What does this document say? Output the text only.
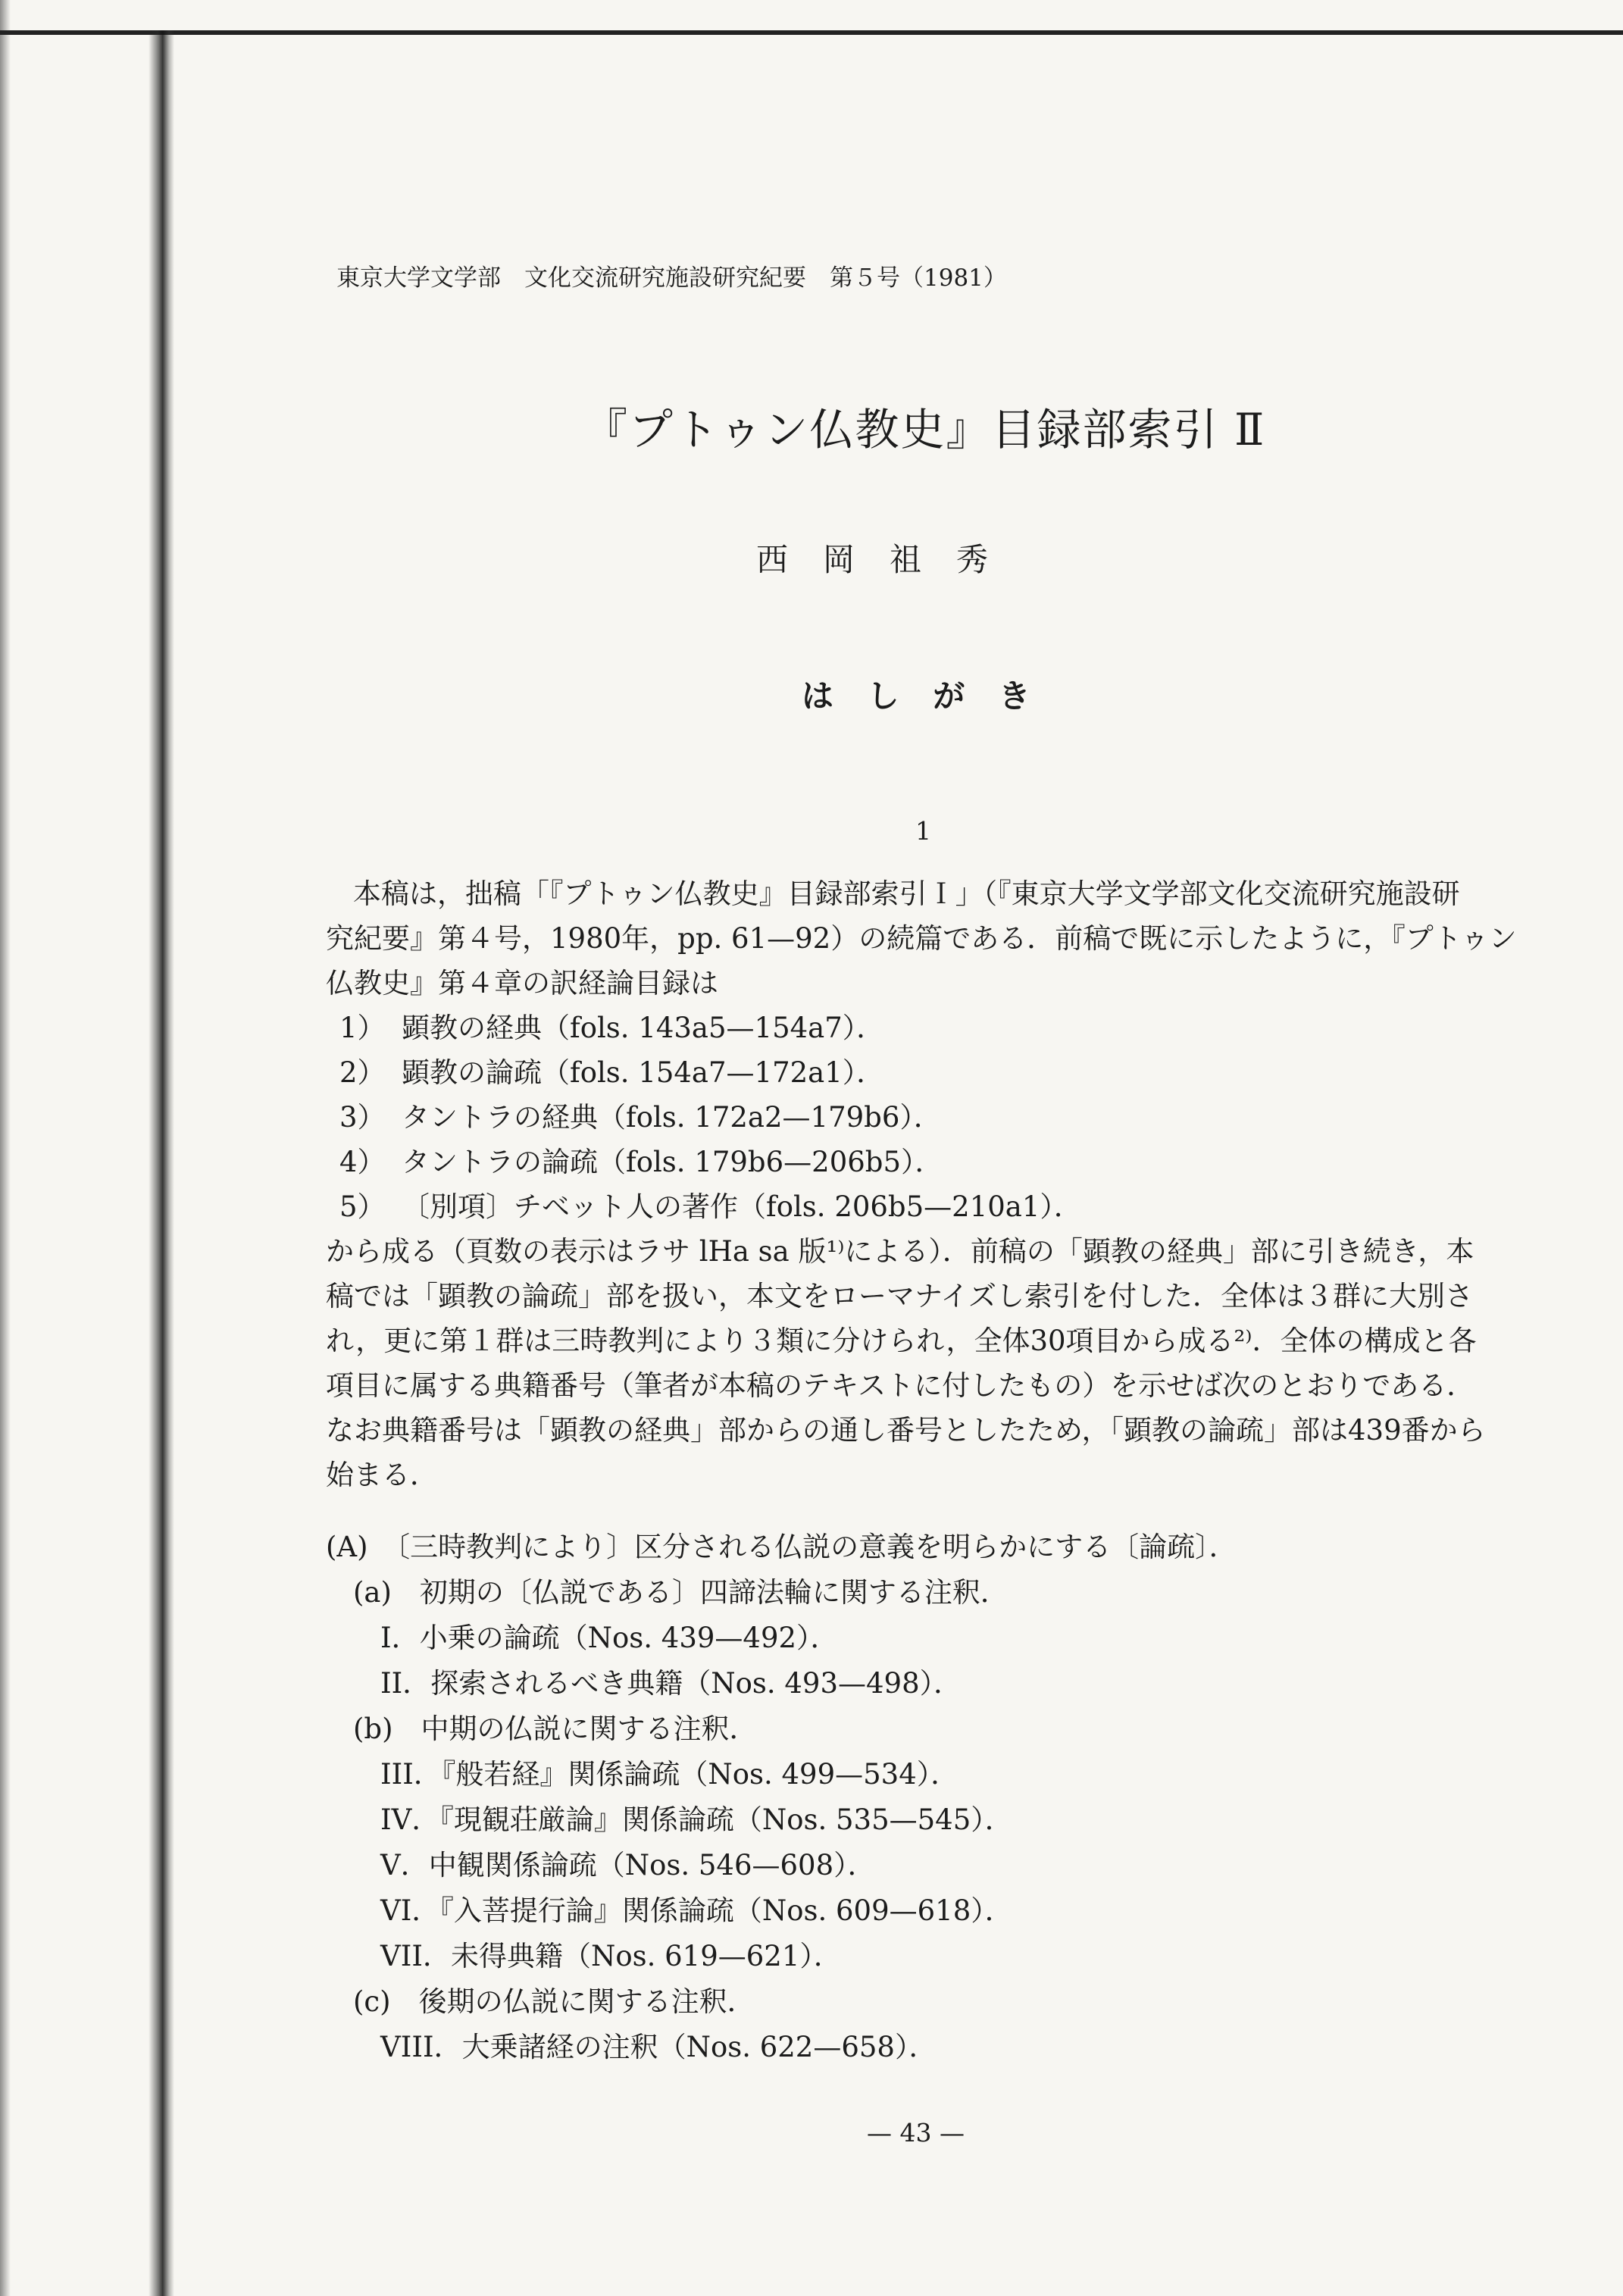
東京大学文学部　文化交流研究施設研究紀要　第５号（1981）
『プトゥン仏教史』目録部索引 Ⅱ
西　岡　祖　秀
は し が き
1
本稿は，拙稿「『プトゥン仏教史』目録部索引Ｉ」（『東京大学文学部文化交流研究施設研
究紀要』第４号，1980年，pp. 61—92）の続篇である．前稿で既に示したように，『プトゥン
仏教史』第４章の訳経論目録は
1） 顕教の経典（fols. 143a5—154a7）．
2） 顕教の論疏（fols. 154a7—172a1）．
3） タントラの経典（fols. 172a2—179b6）．
4） タントラの論疏（fols. 179b6—206b5）．
5） 〔別項〕チベット人の著作（fols. 206b5—210a1）．
から成る（頁数の表示はラサ lHa sa 版¹⁾による）．前稿の「顕教の経典」部に引き続き，本
稿では「顕教の論疏」部を扱い，本文をローマナイズし索引を付した．全体は３群に大別さ
れ，更に第１群は三時教判により３類に分けられ，全体30項目から成る²⁾．全体の構成と各
項目に属する典籍番号（筆者が本稿のテキストに付したもの）を示せば次のとおりである．
なお典籍番号は「顕教の経典」部からの通し番号としたため，「顕教の論疏」部は439番から
始まる．
(A)　〔三時教判により〕区分される仏説の意義を明らかにする〔論疏〕．
(a)　初期の〔仏説である〕四諦法輪に関する注釈．
I．小乗の論疏（Nos. 439—492）．
II．探索されるべき典籍（Nos. 493—498）．
(b)　中期の仏説に関する注釈．
III．『般若経』関係論疏（Nos. 499—534）．
IV．『現観荘厳論』関係論疏（Nos. 535—545）．
V．中観関係論疏（Nos. 546—608）．
VI．『入菩提行論』関係論疏（Nos. 609—618）．
VII．未得典籍（Nos. 619—621）．
(c)　後期の仏説に関する注釈．
VIII．大乗諸経の注釈（Nos. 622—658）．
— 43 —
